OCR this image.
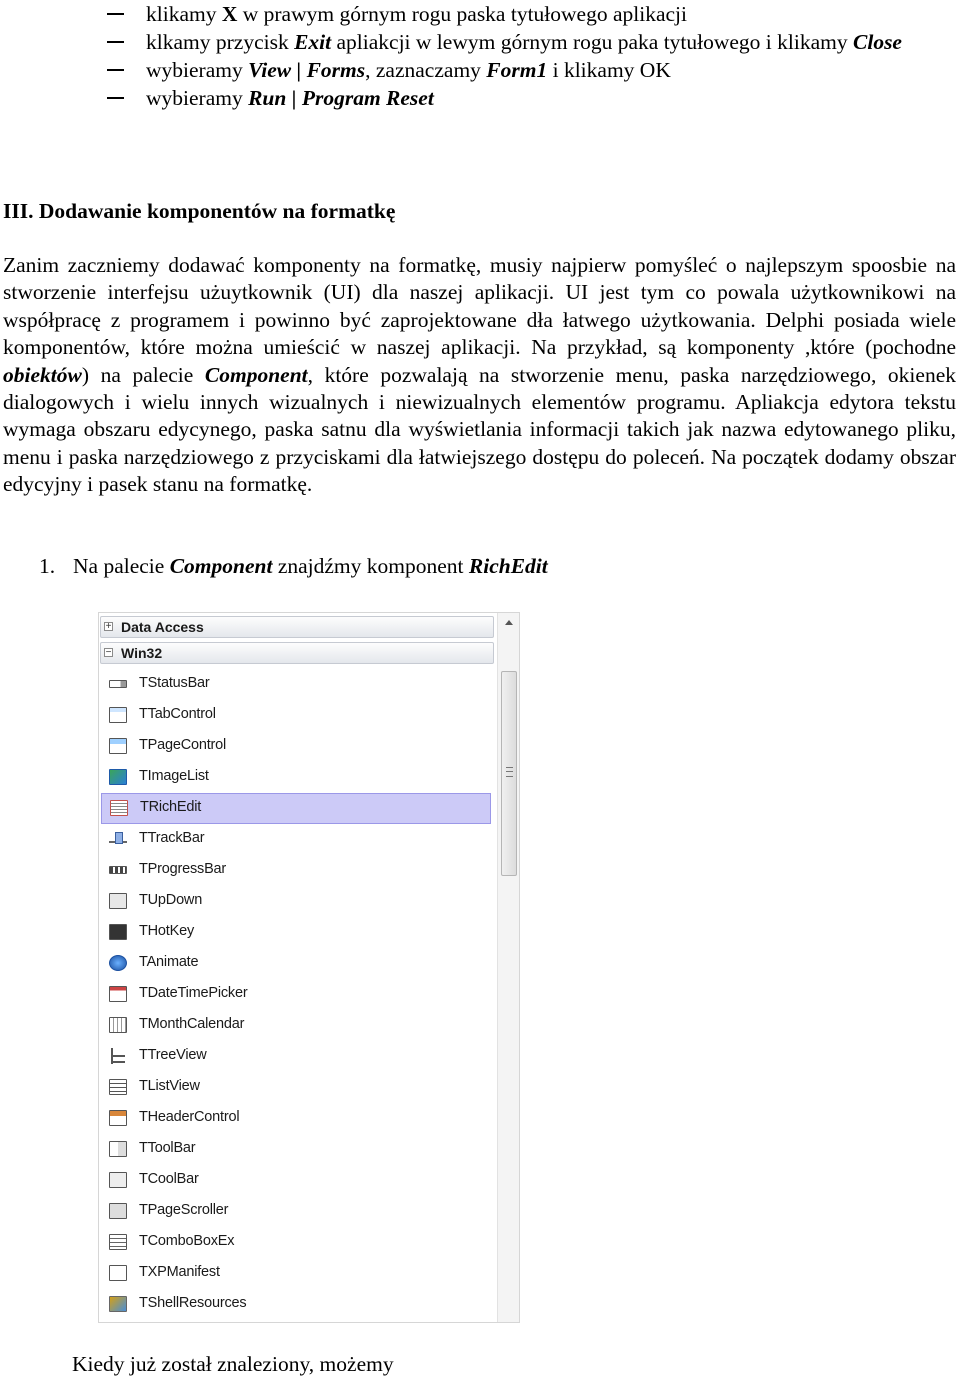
klikamy X w prawym górnym rogu paska tytułowego aplikacji
klkamy przycisk Exit apliakcji w lewym górnym rogu paka tytułowego i klikamy Close
wybieramy View | Forms, zaznaczamy Form1 i klikamy OK
wybieramy Run | Program Reset
III. Dodawanie komponentów na formatkę

Zanim zaczniemy dodawać komponenty na formatkę, musiy najpierw pomyśleć o najlepszym spoosbie na stworzenie interfejsu użuytkownik (UI) dla naszej aplikacji. UI jest tym co powala użytkownikowi na współpracę z programem i powinno być zaprojektowane dła łatwego użytkowania. Delphi posiada wiele komponentów, które można umieścić w naszej aplikacji. Na przykład, są komponenty ,które (pochodne obiektów) na palecie Component, które pozwalają na stworzenie menu, paska narzędziowego, okienek dialogowych i wielu innych wizualnych i niewizualnych elementów programu. Apliakcja edytora tekstu wymaga obszaru edycynego, paska satnu dla wyświetlania informacji takich jak nazwa edytowanego pliku, menu i paska narzędziowego z przyciskami dla łatwiejszego dostępu do poleceń. Na początek dodamy obszar edycyjny i pasek stanu na formatkę.

1. Na palecie Component znajdźmy komponent RichEdit
+ Data Access
− Win32
TStatusBar
TTabControl
TPageControl
TImageList
TRichEdit
TTrackBar
TProgressBar
TUpDown
THotKey
TAnimate
TDateTimePicker
TMonthCalendar
TTreeView
TListView
THeaderControl
TToolBar
TCoolBar
TPageScroller
TComboBoxEx
TXPManifest
TShellResources
Kiedy już został znaleziony, możemy
